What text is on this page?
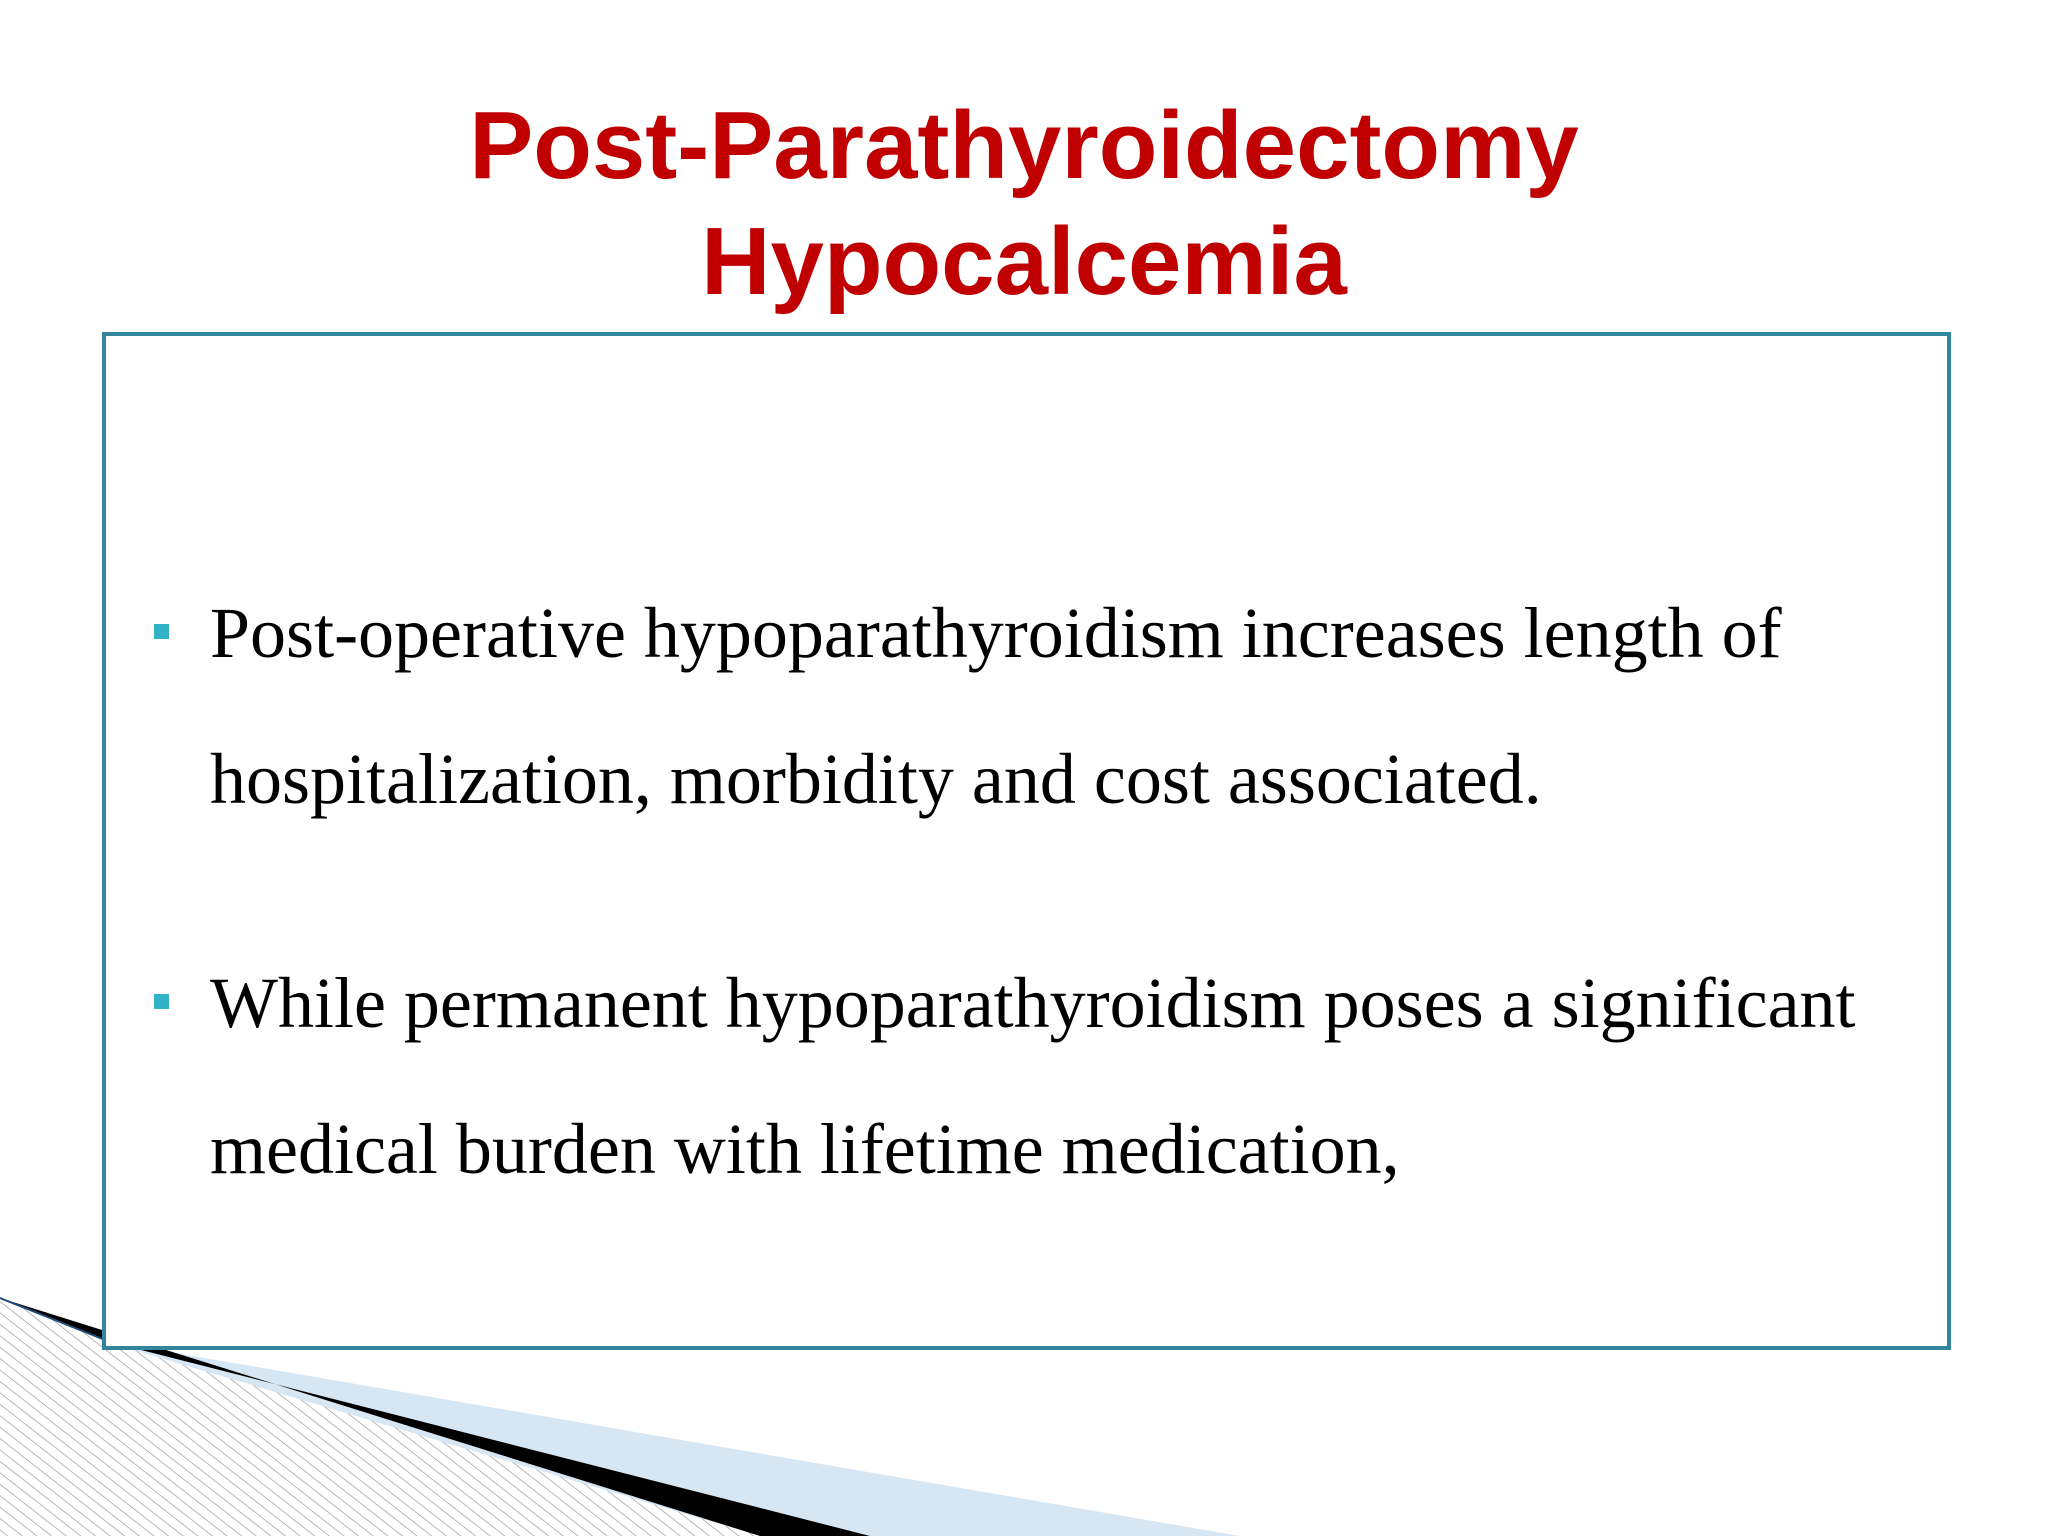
Post-Parathyroidectomy
Hypocalcemia
Post-operative hypoparathyroidism increases length of hospitalization, morbidity and cost associated.
While permanent hypoparathyroidism poses a significant medical burden with lifetime medication,
